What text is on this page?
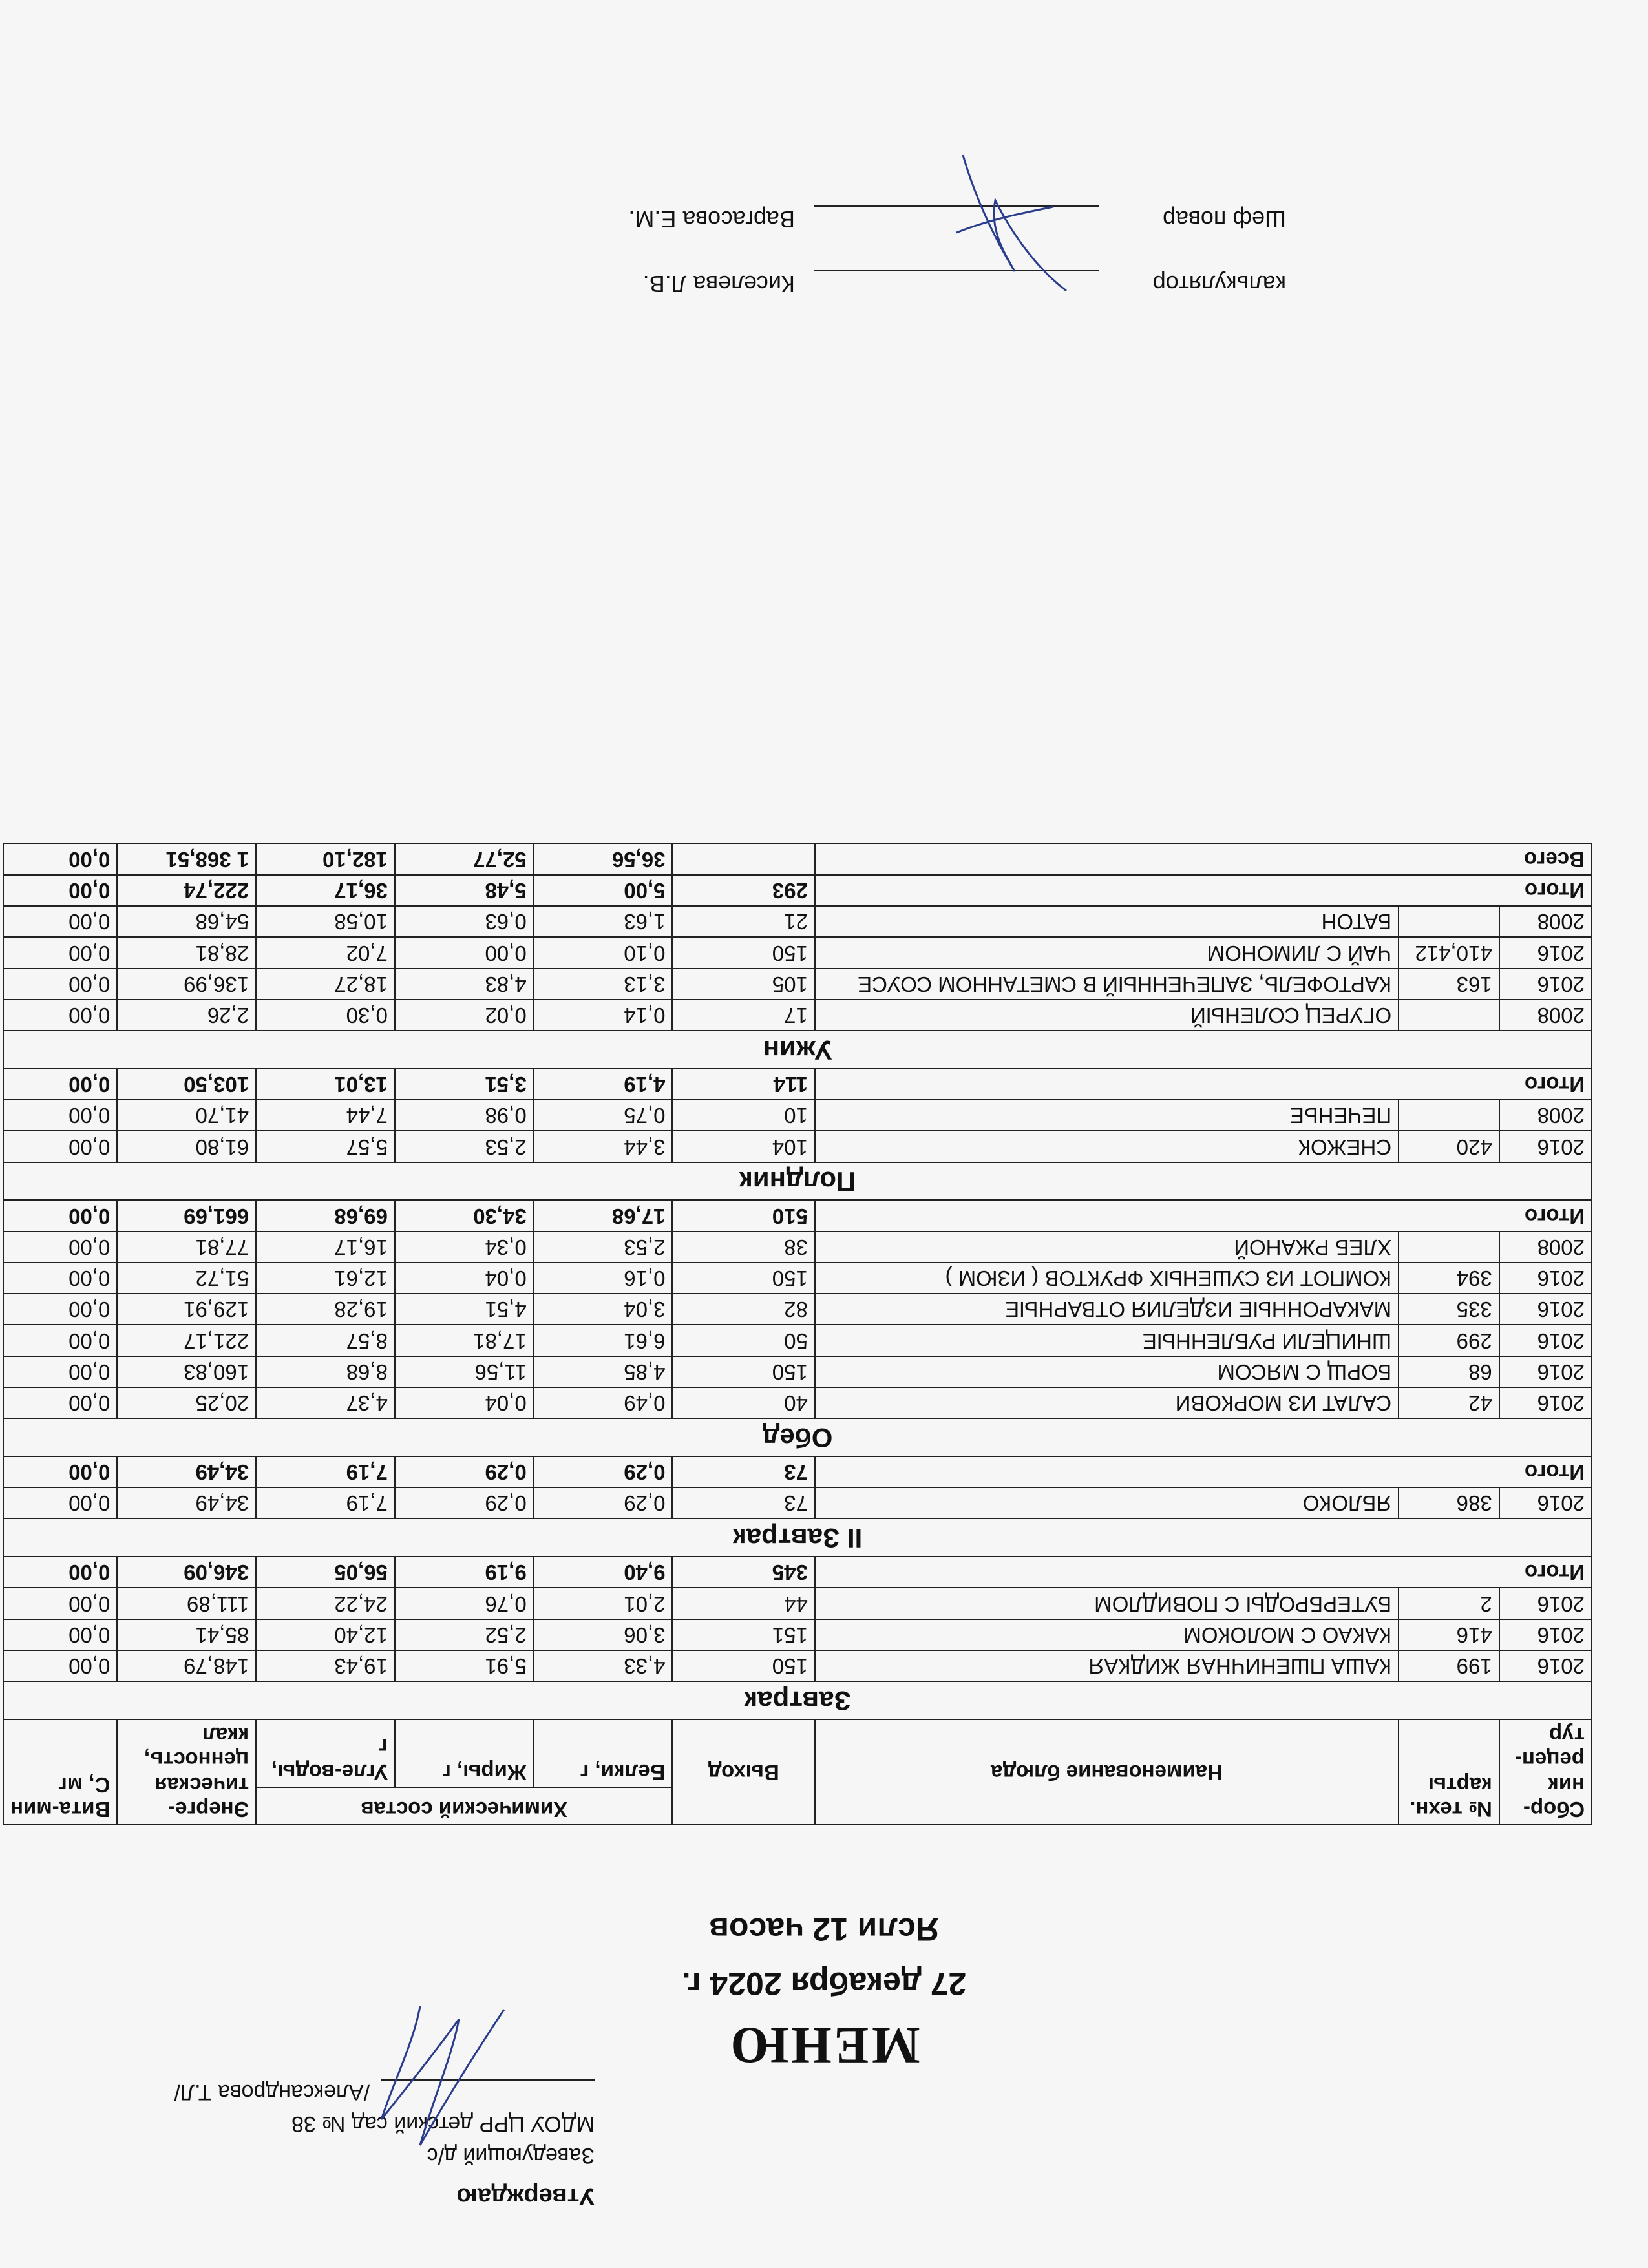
Утверждаю
Заведующий д/с
МДОУ ЦРР детский сад № 38
/Александрова Т.Л/
МЕНЮ
27 декабря 2024 г.
Ясли 12 часов
Сбор-ник рецеп-тур	№ техн. карты	Наименование блюда	Выход	Химический состав			Энерге-тическая ценность, ккал	Вита-мин С, мг
				Белки, г	Жиры, г	Угле-воды, г		
Завтрак								
2016	199	КАША ПШЕНИЧНАЯ ЖИДКАЯ	150	4,33	5,91	19,43	148,79	0,00
2016	416	КАКАО С МОЛОКОМ	151	3,06	2,52	12,40	85,41	0,00
2016	2	БУТЕРБРОДЫ С ПОВИДЛОМ	44	2,01	0,76	24,22	111,89	0,00
Итого			345	9,40	9,19	56,05	346,09	0,00
II Завтрак								
2016	386	ЯБЛОКО	73	0,29	0,29	7,19	34,49	0,00
Итого			73	0,29	0,29	7,19	34,49	0,00
Обед								
2016	42	САЛАТ ИЗ МОРКОВИ	40	0,49	0,04	4,37	20,25	0,00
2016	68	БОРЩ С МЯСОМ	150	4,85	11,56	8,68	160,83	0,00
2016	299	ШНИЦЕЛИ РУБЛЕННЫЕ	50	6,61	17,81	8,57	221,17	0,00
2016	335	МАКАРОННЫЕ ИЗДЕЛИЯ ОТВАРНЫЕ	82	3,04	4,51	19,28	129,91	0,00
2016	394	КОМПОТ ИЗ СУШЕНЫХ ФРУКТОВ ( ИЗЮМ )	150	0,16	0,04	12,61	51,72	0,00
2008		ХЛЕБ РЖАНОЙ	38	2,53	0,34	16,17	77,81	0,00
Итого			510	17,68	34,30	69,68	661,69	0,00
Полдник								
2016	420	СНЕЖОК	104	3,44	2,53	5,57	61,80	0,00
2008		ПЕЧЕНЬЕ	10	0,75	0,98	7,44	41,70	0,00
Итого			114	4,19	3,51	13,01	103,50	0,00
Ужин								
2008		ОГУРЕЦ СОЛЕНЫЙ	17	0,14	0,02	0,30	2,26	0,00
2016	163	КАРТОФЕЛЬ, ЗАПЕЧЕННЫЙ В СМЕТАННОМ СОУСЕ	105	3,13	4,83	18,27	136,99	0,00
2016	410,412	ЧАЙ С ЛИМОНОМ	150	0,10	0,00	7,02	28,81	0,00
2008		БАТОН	21	1,63	0,63	10,58	54,68	0,00
Итого			293	5,00	5,48	36,17	222,74	0,00
Всего				36,56	52,77	182,10	1 368,51	0,00
калькулятор
Киселева Л.В.
Шеф повар
Варгасова Е.М.
